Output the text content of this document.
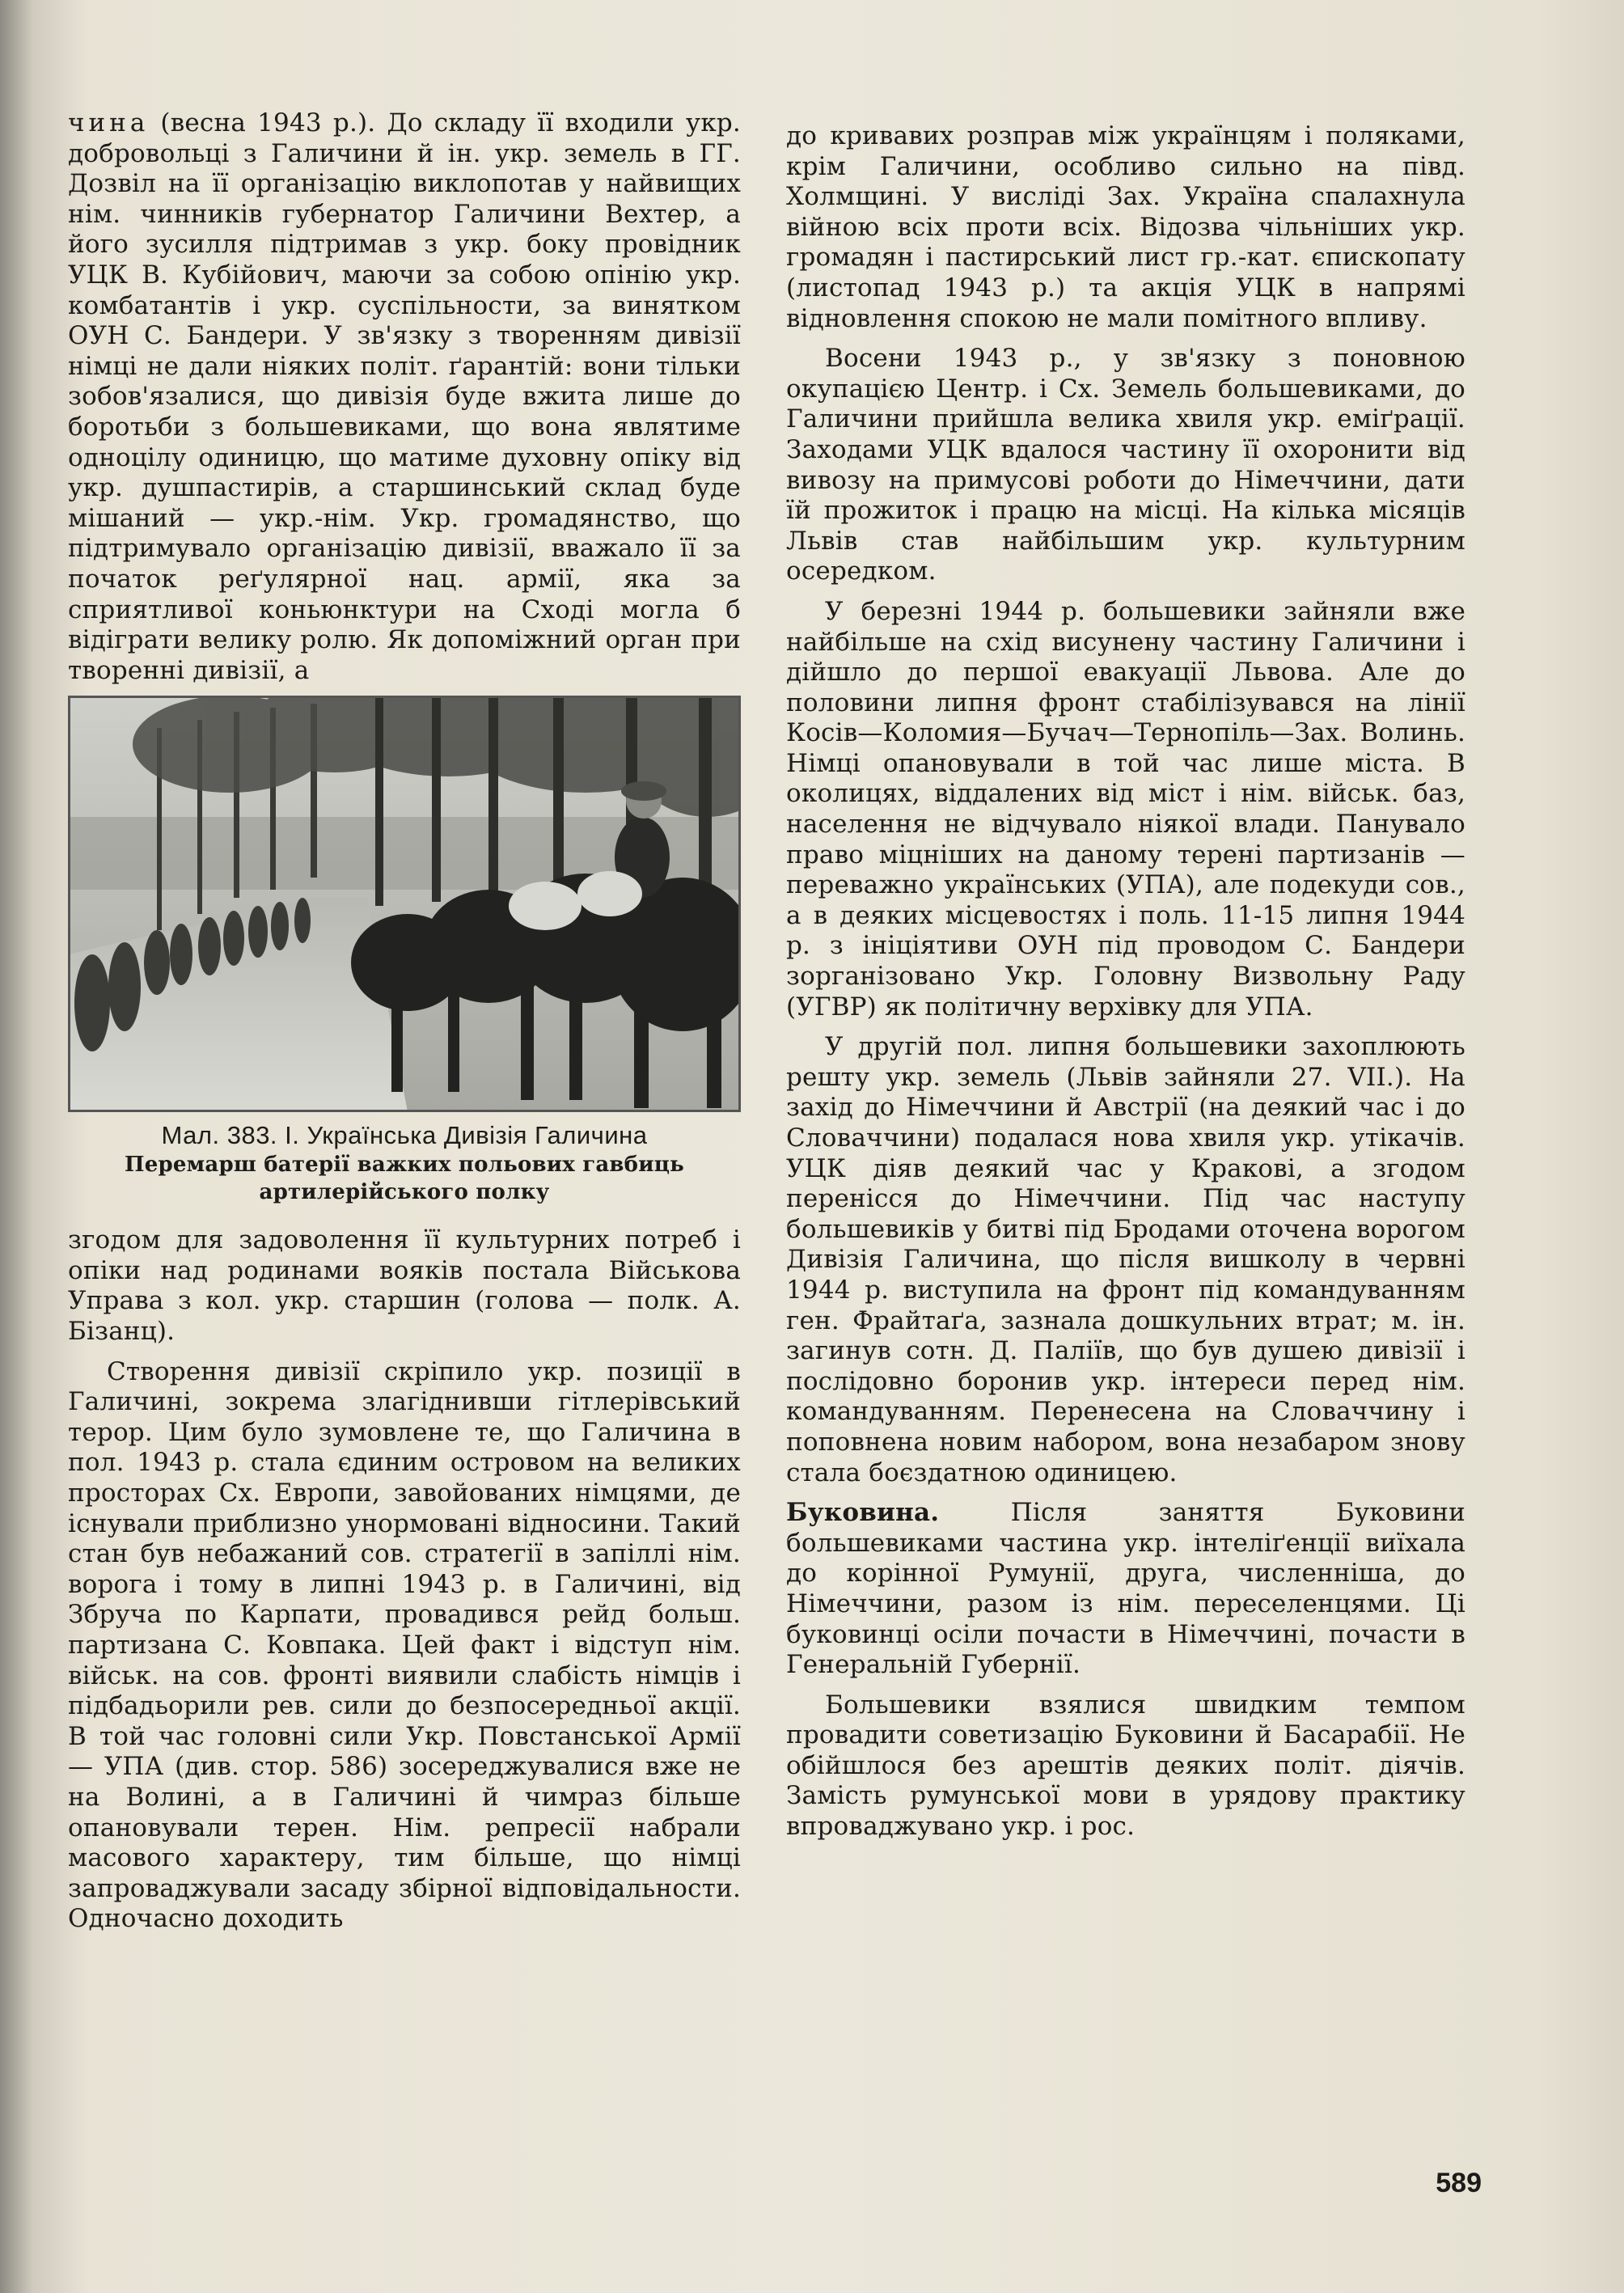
чина (весна 1943 р.). До складу її входили укр. добровольці з Галичини й ін. укр. земель в ГГ. Дозвіл на її організацію виклопотав у найвищих нім. чинників губернатор Галичини Вехтер, а його зусилля підтримав з укр. боку провідник УЦК В. Кубійович, маючи за собою опінію укр. комбатантів і укр. суспільности, за винятком ОУН С. Бандери. У зв'язку з творенням дивізії німці не дали ніяких політ. ґарантій: вони тільки зобов'язалися, що дивізія буде вжита лише до боротьби з большевиками, що вона являтиме одноцілу одиницю, що матиме духовну опіку від укр. душпастирів, а старшинський склад буде мішаний — укр.-нім. Укр. громадянство, що підтримувало організацію дивізії, вважало її за початок реґулярної нац. армії, яка за сприятливої коньюнктури на Сході могла б відіграти велику ролю. Як допоміжний орган при творенні дивізії, а

Мал. 383. І. Українська Дивізія Галичина
Перемарш батерії важких польових гавбиць
артилерійського полку

згодом для задоволення її культурних потреб і опіки над родинами вояків постала Військова Управа з кол. укр. старшин (голова — полк. А. Бізанц).

Створення дивізії скріпило укр. позиції в Галичині, зокрема злагіднивши гітлерівський терор. Цим було зумовлене те, що Галичина в пол. 1943 р. стала єдиним островом на великих просторах Сх. Европи, завойованих німцями, де існували приблизно унормовані відносини. Такий стан був небажаний сов. стратегії в запіллі нім. ворога і тому в липні 1943 р. в Галичині, від Збруча по Карпати, провадився рейд больш. партизана С. Ковпака. Цей факт і відступ нім. військ. на сов. фронті виявили слабість німців і підбадьорили рев. сили до безпосередньої акції. В той час головні сили Укр. Повстанської Армії — УПА (див. стор. 586) зосереджувалися вже не на Волині, а в Галичині й чимраз більше опановували терен. Нім. репресії набрали масового характеру, тим більше, що німці запроваджували засаду збірної відповідальности. Одночасно доходить

до кривавих розправ між українцям і поляками, крім Галичини, особливо сильно на півд. Холмщині. У висліді Зах. Україна спалахнула війною всіх проти всіх. Відозва чільніших укр. громадян і пастирський лист гр.-кат. єпископату (листопад 1943 р.) та акція УЦК в напрямі відновлення спокою не мали помітного впливу.

Восени 1943 р., у зв'язку з поновною окупацією Центр. і Сх. Земель большевиками, до Галичини прийшла велика хвиля укр. еміґрації. Заходами УЦК вдалося частину її охоронити від вивозу на примусові роботи до Німеччини, дати їй прожиток і працю на місці. На кілька місяців Львів став найбільшим укр. культурним осередком.

У березні 1944 р. большевики зайняли вже найбільше на схід висунену частину Галичини і дійшло до першої евакуації Львова. Але до половини липня фронт стабілізувався на лінії Косів—Коломия—Бучач—Тернопіль—Зах. Волинь. Німці опановували в той час лише міста. В околицях, віддалених від міст і нім. військ. баз, населення не відчувало ніякої влади. Панувало право міцніших на даному терені партизанів — переважно українських (УПА), але подекуди сов., а в деяких місцевостях і поль. 11-15 липня 1944 р. з ініціятиви ОУН під проводом С. Бандери зорганізовано Укр. Головну Визвольну Раду (УГВР) як політичну верхівку для УПА.

У другій пол. липня большевики захоплюють решту укр. земель (Львів зайняли 27. VII.). На захід до Німеччини й Австрії (на деякий час і до Словаччини) подалася нова хвиля укр. утікачів. УЦК діяв деякий час у Кракові, а згодом перенісся до Німеччини. Під час наступу большевиків у битві під Бродами оточена ворогом Дивізія Галичина, що після вишколу в червні 1944 р. виступила на фронт під командуванням ген. Фрайтаґа, зазнала дошкульних втрат; м. ін. загинув сотн. Д. Паліїв, що був душею дивізії і послідовно боронив укр. інтереси перед нім. командуванням. Перенесена на Словаччину і поповнена новим набором, вона незабаром знову стала боєздатною одиницею.

Буковина. Після заняття Буковини большевиками частина укр. інтеліґенції виїхала до корінної Румунії, друга, численніша, до Німеччини, разом із нім. переселенцями. Ці буковинці осіли почасти в Німеччині, почасти в Генеральній Губернії.

Большевики взялися швидким темпом провадити советизацію Буковини й Басарабії. Не обійшлося без арештів деяких політ. діячів. Замість румунської мови в урядову практику впроваджувано укр. і рос.

589
